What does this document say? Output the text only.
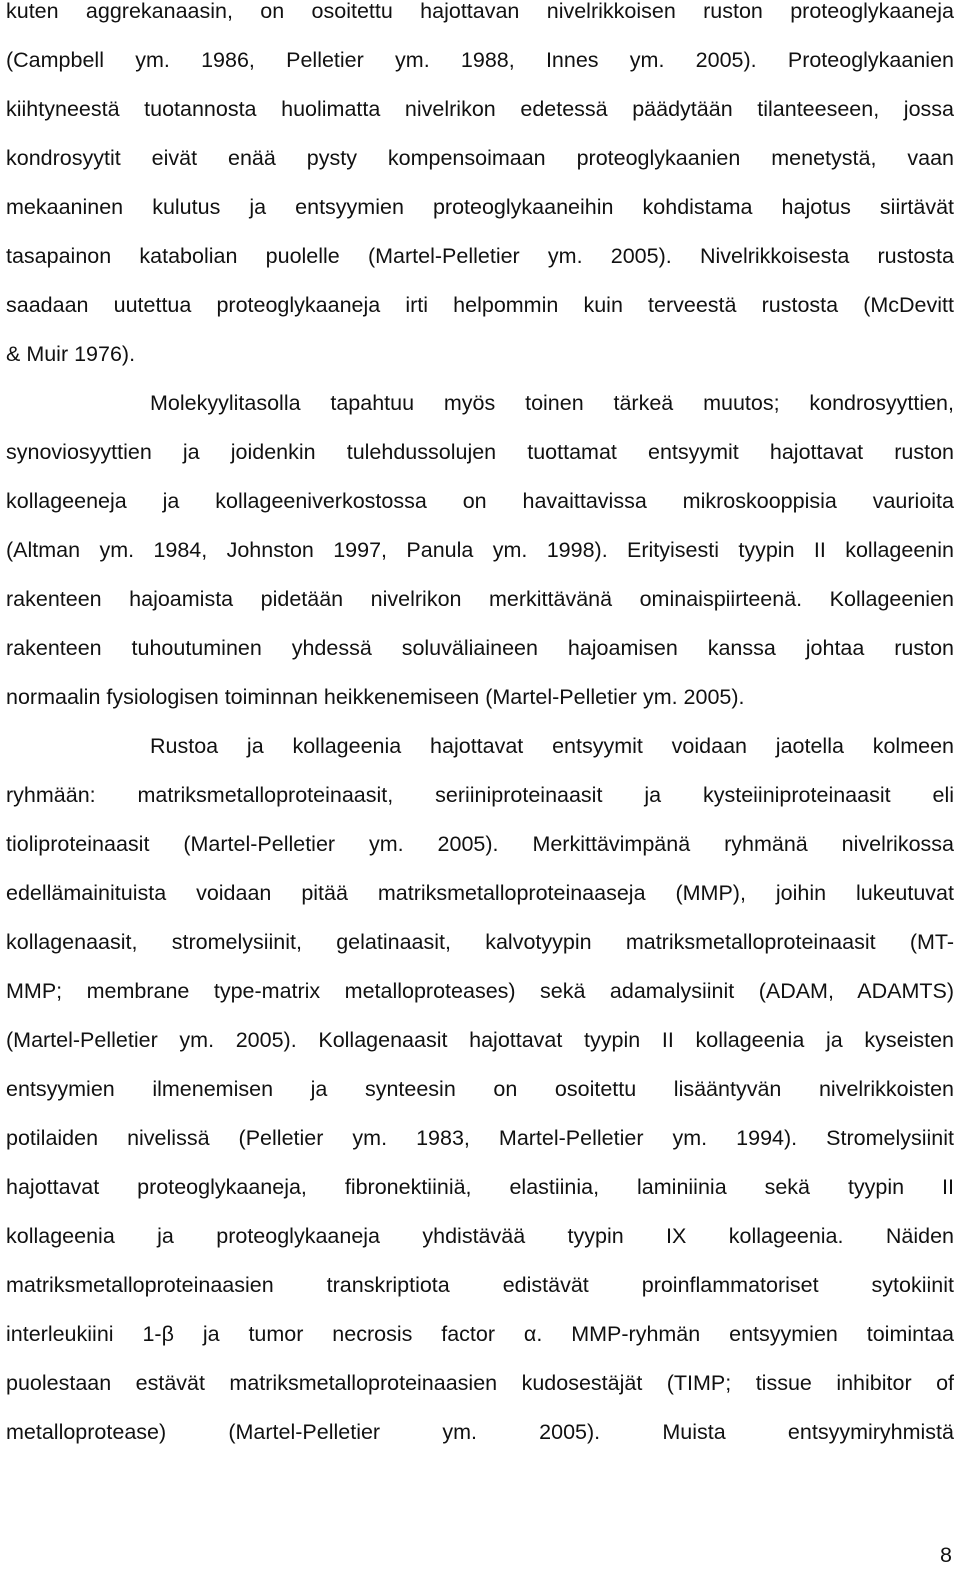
kuten aggrekanaasin, on osoitettu hajottavan nivelrikkoisen ruston proteoglykaaneja
(Campbell ym. 1986, Pelletier ym. 1988, Innes ym. 2005). Proteoglykaanien
kiihtyneestä tuotannosta huolimatta nivelrikon edetessä päädytään tilanteeseen, jossa
kondrosyytit eivät enää pysty kompensoimaan proteoglykaanien menetystä, vaan
mekaaninen kulutus ja entsyymien proteoglykaaneihin kohdistama hajotus siirtävät
tasapainon katabolian puolelle (Martel-Pelletier ym. 2005). Nivelrikkoisesta rustosta
saadaan uutettua proteoglykaaneja irti helpommin kuin terveestä rustosta (McDevitt
& Muir 1976).
Molekyylitasolla tapahtuu myös toinen tärkeä muutos; kondrosyyttien,
synoviosyyttien ja joidenkin tulehdussolujen tuottamat entsyymit hajottavat ruston
kollageeneja ja kollageeniverkostossa on havaittavissa mikroskooppisia vaurioita
(Altman ym. 1984, Johnston 1997, Panula ym. 1998). Erityisesti tyypin II kollageenin
rakenteen hajoamista pidetään nivelrikon merkittävänä ominaispiirteenä. Kollageenien
rakenteen tuhoutuminen yhdessä soluväliaineen hajoamisen kanssa johtaa ruston
normaalin fysiologisen toiminnan heikkenemiseen (Martel-Pelletier ym. 2005).
Rustoa ja kollageenia hajottavat entsyymit voidaan jaotella kolmeen
ryhmään: matriksmetalloproteinaasit, seriiniproteinaasit ja kysteiiniproteinaasit eli
tioliproteinaasit (Martel-Pelletier ym. 2005). Merkittävimpänä ryhmänä nivelrikossa
edellämainituista voidaan pitää matriksmetalloproteinaaseja (MMP), joihin lukeutuvat
kollagenaasit, stromelysiinit, gelatinaasit, kalvotyypin matriksmetalloproteinaasit (MT-
MMP; membrane type-matrix metalloproteases) sekä adamalysiinit (ADAM, ADAMTS)
(Martel-Pelletier ym. 2005). Kollagenaasit hajottavat tyypin II kollageenia ja kyseisten
entsyymien ilmenemisen ja synteesin on osoitettu lisääntyvän nivelrikkoisten
potilaiden nivelissä (Pelletier ym. 1983, Martel-Pelletier ym. 1994). Stromelysiinit
hajottavat proteoglykaaneja, fibronektiiniä, elastiinia, laminiinia sekä tyypin II
kollageenia ja proteoglykaaneja yhdistävää tyypin IX kollageenia. Näiden
matriksmetalloproteinaasien transkriptiota edistävät proinflammatoriset sytokiinit
interleukiini 1-β ja tumor necrosis factor α. MMP-ryhmän entsyymien toimintaa
puolestaan estävät matriksmetalloproteinaasien kudosestäjät (TIMP; tissue inhibitor of
metalloprotease) (Martel-Pelletier ym. 2005). Muista entsyymiryhmistä
8
